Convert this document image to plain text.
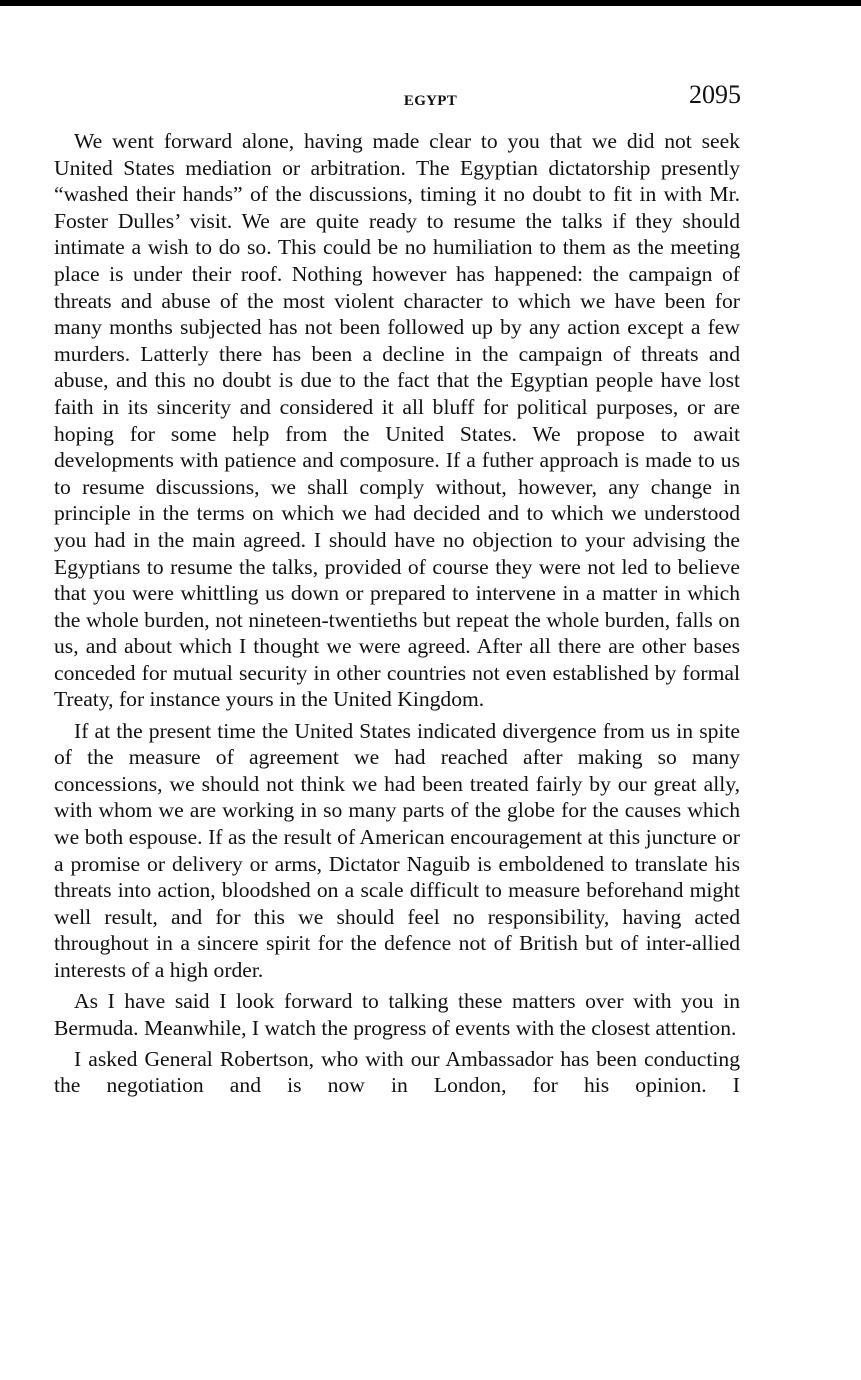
EGYPT	2095

We went forward alone, having made clear to you that we did not seek United States mediation or arbitration. The Egyptian dictatorship presently “washed their hands” of the discussions, timing it no doubt to fit in with Mr. Foster Dulles’ visit. We are quite ready to resume the talks if they should intimate a wish to do so. This could be no humiliation to them as the meeting place is under their roof. Nothing however has happened: the campaign of threats and abuse of the most violent character to which we have been for many months subjected has not been followed up by any action except a few murders. Latterly there has been a decline in the campaign of threats and abuse, and this no doubt is due to the fact that the Egyptian people have lost faith in its sincerity and considered it all bluff for political purposes, or are hoping for some help from the United States. We propose to await developments with patience and composure. If a futher approach is made to us to resume discussions, we shall comply without, however, any change in principle in the terms on which we had decided and to which we understood you had in the main agreed. I should have no objection to your advising the Egyptians to resume the talks, provided of course they were not led to believe that you were whittling us down or prepared to intervene in a matter in which the whole burden, not nineteen-twentieths but repeat the whole burden, falls on us, and about which I thought we were agreed. After all there are other bases conceded for mutual security in other countries not even established by formal Treaty, for instance yours in the United Kingdom.

If at the present time the United States indicated divergence from us in spite of the measure of agreement we had reached after making so many concessions, we should not think we had been treated fairly by our great ally, with whom we are working in so many parts of the globe for the causes which we both espouse. If as the result of American encouragement at this juncture or a promise or delivery or arms, Dictator Naguib is emboldened to translate his threats into action, bloodshed on a scale difficult to measure beforehand might well result, and for this we should feel no responsibility, having acted throughout in a sincere spirit for the defence not of British but of inter-allied interests of a high order.

As I have said I look forward to talking these matters over with you in Bermuda. Meanwhile, I watch the progress of events with the closest attention.

I asked General Robertson, who with our Ambassador has been conducting the negotiation and is now in London, for his opinion. I
